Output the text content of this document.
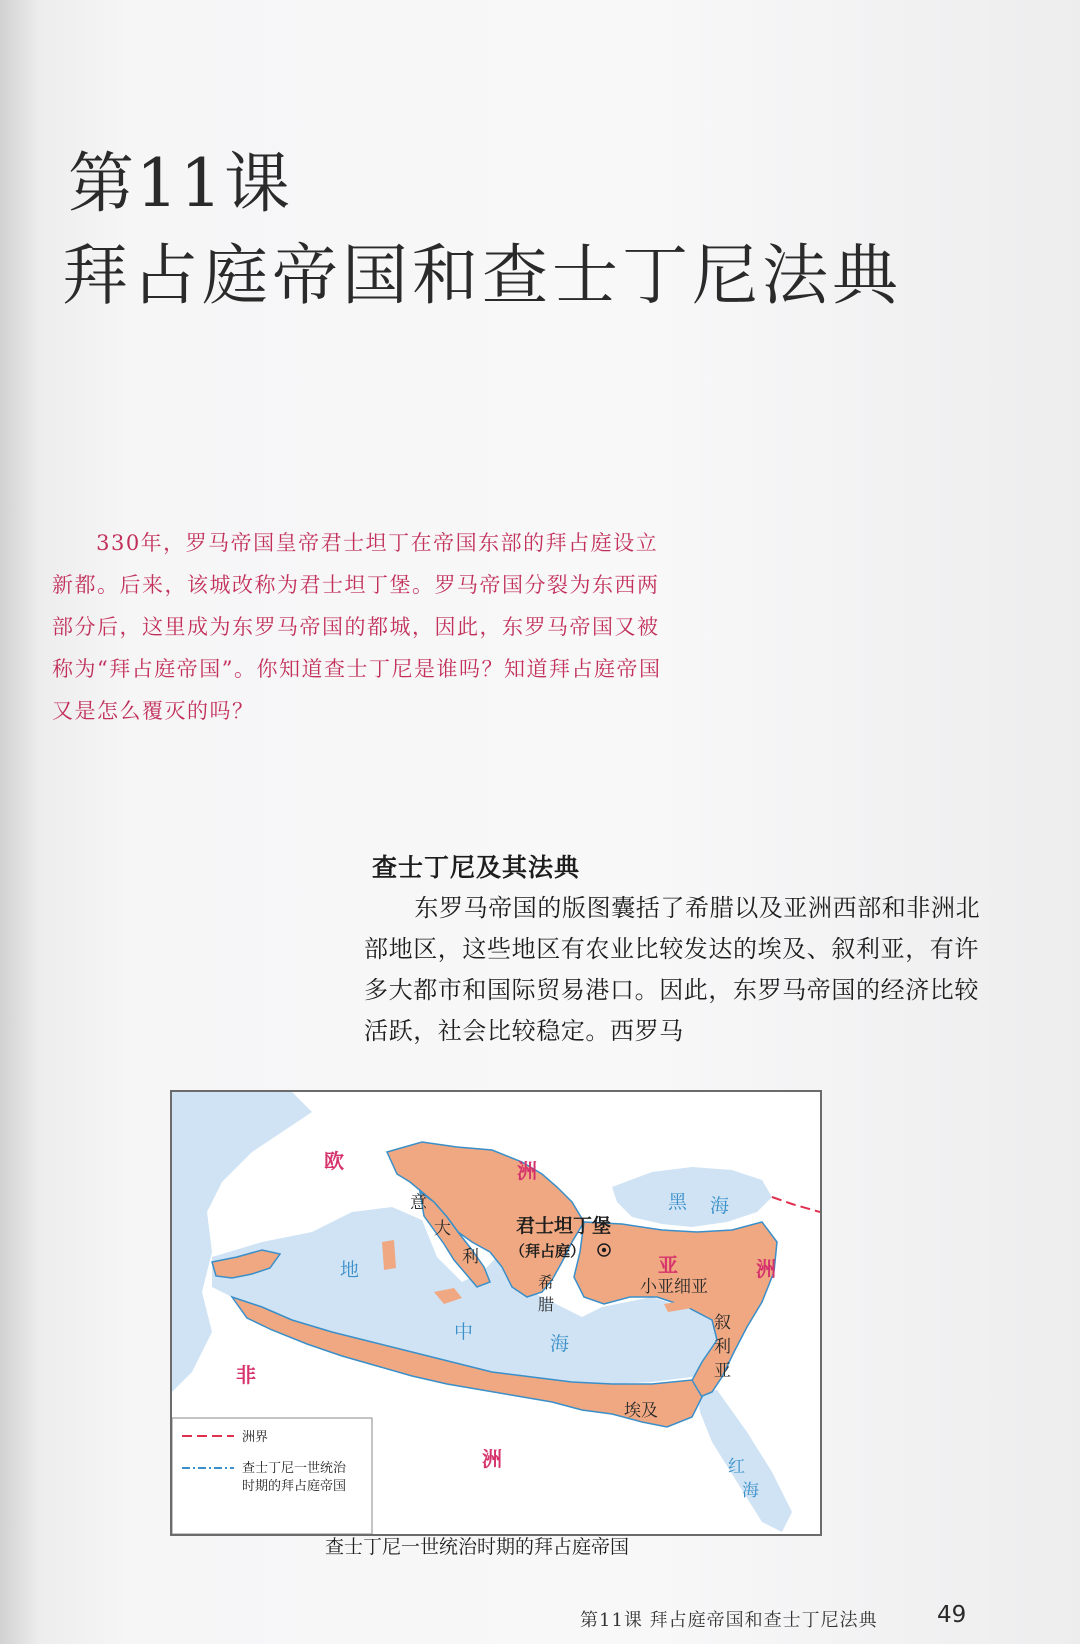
第11课
拜占庭帝国和查士丁尼法典

330年，罗马帝国皇帝君士坦丁在帝国东部的拜占庭设立新都。后来，该城改称为君士坦丁堡。罗马帝国分裂为东西两部分后，这里成为东罗马帝国的都城，因此，东罗马帝国又被称为“拜占庭帝国”。你知道查士丁尼是谁吗？知道拜占庭帝国又是怎么覆灭的吗？

查士丁尼及其法典

东罗马帝国的版图囊括了希腊以及亚洲西部和非洲北部地区，这些地区有农业比较发达的埃及、叙利亚，有许多大都市和国际贸易港口。因此，东罗马帝国的经济比较活跃，社会比较稳定。西罗马

欧	洲
亚	洲
非
洲
地
中
海
黑 海
红
海
意
大
利
希
腊
小亚细亚
叙
利
亚
埃及
君士坦丁堡
（拜占庭）
洲界
查士丁尼一世统治
时期的拜占庭帝国
查士丁尼一世统治时期的拜占庭帝国
第11课 拜占庭帝国和查士丁尼法典	49
